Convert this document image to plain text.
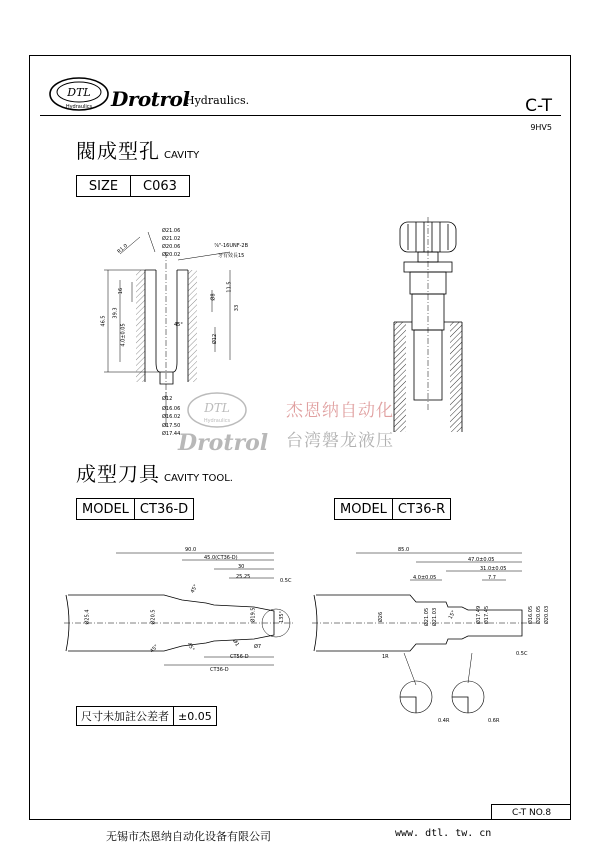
DTL
Hydraulics Drotrol
Hydraulics.	C-T
9HV5
閥成型孔 CAVITY
SIZE	C063
R1.0
Ø21.06
Ø21.02
Ø20.06
Ø20.02
⅞"-16UNF-2B
牙有效長15
16
46.5
39.3
4.0±0.05	45°
Ø8
11.5
33
Ø12
Ø12
Ø16.06
Ø16.02
Ø17.50
Ø17.44
DTL
Hydraulics
Drotrol
杰恩纳自动化
台湾磐龙液压
成型刀具 CAVITY TOOL.
MODEL CT36-D	MODEL CT36-R
90.0
45.0(CT36-D)
30
25.25
0.5C
Ø25.4	Ø20.5
45°
45°	45°
Ø19.5	135°
Ø7
Ø1
CT56-D
CT36-D
85.0
47.0±0.05
31.0±0.05
4.0±0.05	7.7
Ø26	Ø21.05 Ø21.03	Ø17.49 Ø17.45
15°	Ø16.05 Ø20.05 Ø20.03
1R	0.5C
0.4R	0.6R
尺寸未加註公差者 ±0.05
C-T NO.8
无锡市杰恩纳自动化设备有限公司	www. dtl. tw. cn
